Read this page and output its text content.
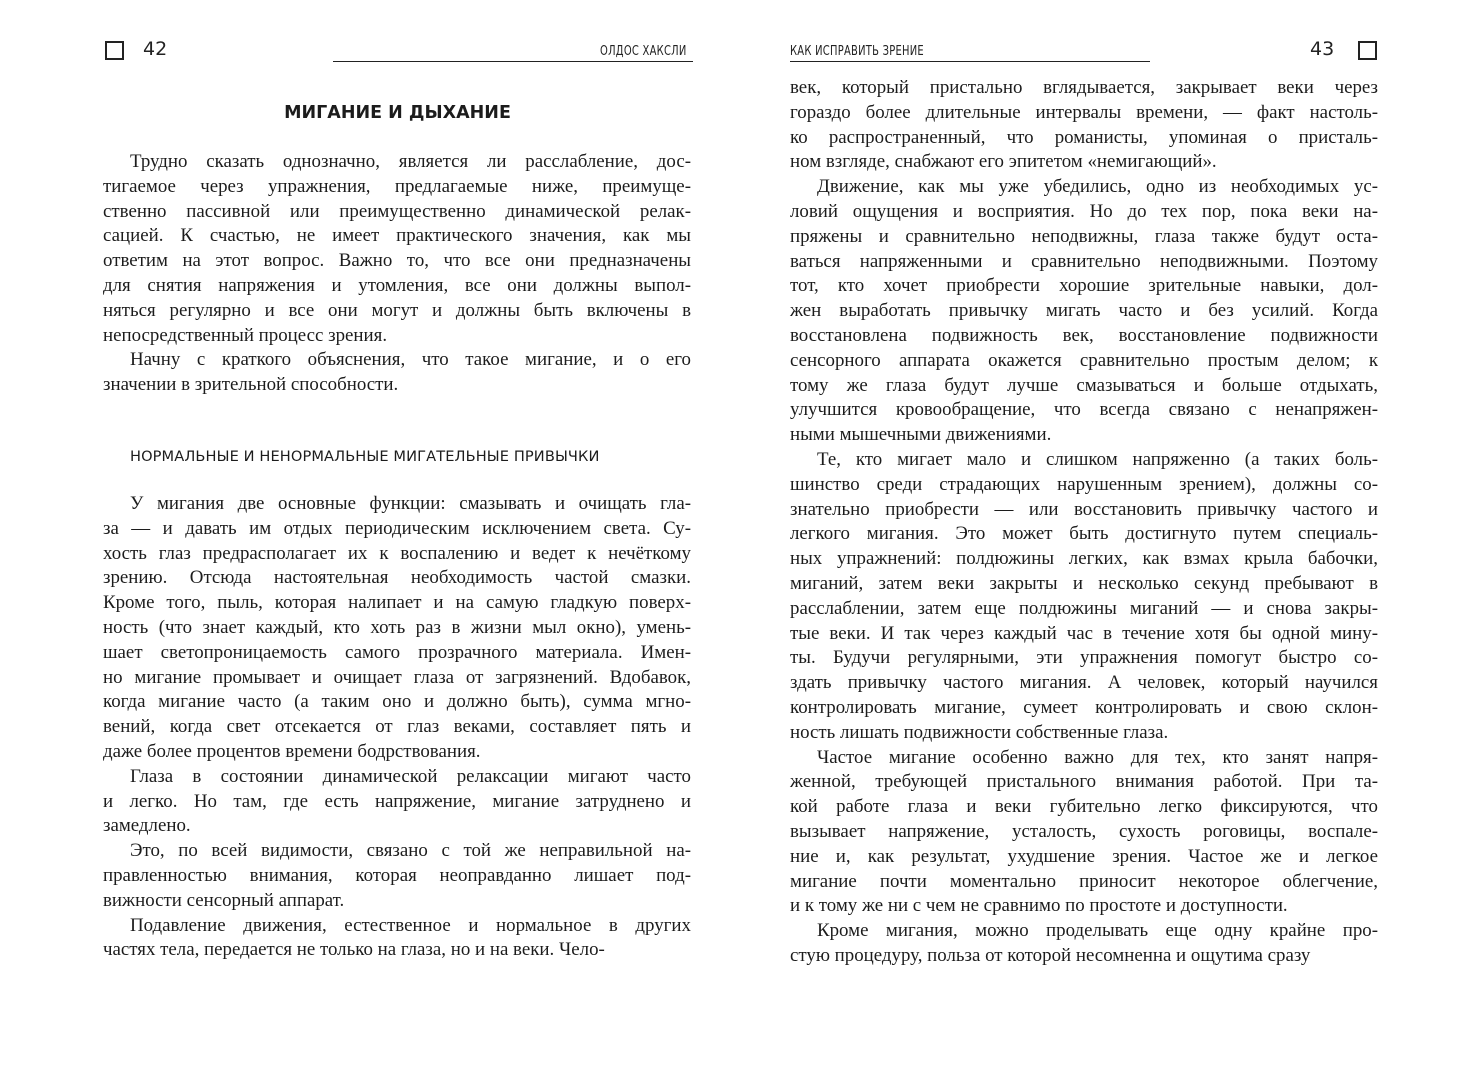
42	ОЛДОС ХАКСЛИ
МИГАНИЕ И ДЫХАНИЕ
Трудно сказать однозначно, является ли расслабление, дос-
тигаемое через упражнения, предлагаемые ниже, преимуще-
ственно пассивной или преимущественно динамической релак-
сацией. К счастью, не имеет практического значения, как мы
ответим на этот вопрос. Важно то, что все они предназначены
для снятия напряжения и утомления, все они должны выпол-
няться регулярно и все они могут и должны быть включены в
непосредственный процесс зрения.
Начну с краткого объяснения, что такое мигание, и о его
значении в зрительной способности.
НОРМАЛЬНЫЕ И НЕНОРМАЛЬНЫЕ МИГАТЕЛЬНЫЕ ПРИВЫЧКИ
У мигания две основные функции: смазывать и очищать гла-
за — и давать им отдых периодическим исключением света. Су-
хость глаз предрасполагает их к воспалению и ведет к нечёткому
зрению. Отсюда настоятельная необходимость частой смазки.
Кроме того, пыль, которая налипает и на самую гладкую поверх-
ность (что знает каждый, кто хоть раз в жизни мыл окно), умень-
шает светопроницаемость самого прозрачного материала. Имен-
но мигание промывает и очищает глаза от загрязнений. Вдобавок,
когда мигание часто (а таким оно и должно быть), сумма мгно-
вений, когда свет отсекается от глаз веками, составляет пять и
даже более процентов времени бодрствования.
Глаза в состоянии динамической релаксации мигают часто
и легко. Но там, где есть напряжение, мигание затруднено и
замедлено.
Это, по всей видимости, связано с той же неправильной на-
правленностью внимания, которая неоправданно лишает под-
вижности сенсорный аппарат.
Подавление движения, естественное и нормальное в других
частях тела, передается не только на глаза, но и на веки. Чело-
КАК ИСПРАВИТЬ ЗРЕНИЕ	43
век, который пристально вглядывается, закрывает веки через
гораздо более длительные интервалы времени, — факт настоль-
ко распространенный, что романисты, упоминая о присталь-
ном взгляде, снабжают его эпитетом «немигающий».
Движение, как мы уже убедились, одно из необходимых ус-
ловий ощущения и восприятия. Но до тех пор, пока веки на-
пряжены и сравнительно неподвижны, глаза также будут оста-
ваться напряженными и сравнительно неподвижными. Поэтому
тот, кто хочет приобрести хорошие зрительные навыки, дол-
жен выработать привычку мигать часто и без усилий. Когда
восстановлена подвижность век, восстановление подвижности
сенсорного аппарата окажется сравнительно простым делом; к
тому же глаза будут лучше смазываться и больше отдыхать,
улучшится кровообращение, что всегда связано с ненапряжен-
ными мышечными движениями.
Те, кто мигает мало и слишком напряженно (а таких боль-
шинство среди страдающих нарушенным зрением), должны со-
знательно приобрести — или восстановить привычку частого и
легкого мигания. Это может быть достигнуто путем специаль-
ных упражнений: полдюжины легких, как взмах крыла бабочки,
миганий, затем веки закрыты и несколько секунд пребывают в
расслаблении, затем еще полдюжины миганий — и снова закры-
тые веки. И так через каждый час в течение хотя бы одной мину-
ты. Будучи регулярными, эти упражнения помогут быстро со-
здать привычку частого мигания. А человек, который научился
контролировать мигание, сумеет контролировать и свою склон-
ность лишать подвижности собственные глаза.
Частое мигание особенно важно для тех, кто занят напря-
женной, требующей пристального внимания работой. При та-
кой работе глаза и веки губительно легко фиксируются, что
вызывает напряжение, усталость, сухость роговицы, воспале-
ние и, как результат, ухудшение зрения. Частое же и легкое
мигание почти моментально приносит некоторое облегчение,
и к тому же ни с чем не сравнимо по простоте и доступности.
Кроме мигания, можно проделывать еще одну крайне про-
стую процедуру, польза от которой несомненна и ощутима сразу
